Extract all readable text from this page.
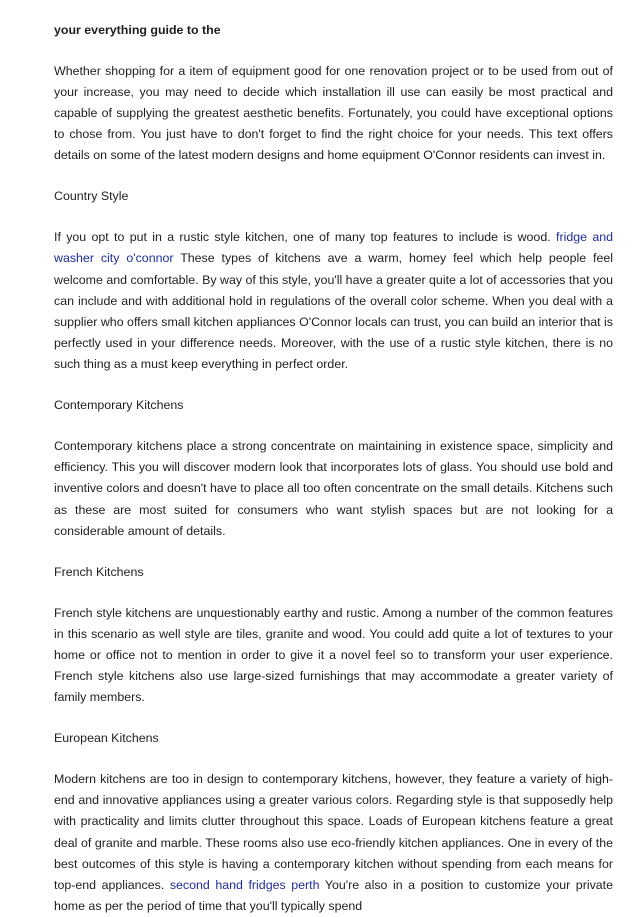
your everything guide to the

Whether shopping for a item of equipment good for one renovation project or to be used from out of your increase, you may need to decide which installation ill use can easily be most practical and capable of supplying the greatest aesthetic benefits. Fortunately, you could have exceptional options to chose from. You just have to don't forget to find the right choice for your needs. This text offers details on some of the latest modern designs and home equipment O'Connor residents can invest in.

Country Style

If you opt to put in a rustic style kitchen, one of many top features to include is wood. fridge and washer city o'connor These types of kitchens ave a warm, homey feel which help people feel welcome and comfortable. By way of this style, you'll have a greater quite a lot of accessories that you can include and with additional hold in regulations of the overall color scheme. When you deal with a supplier who offers small kitchen appliances O'Connor locals can trust, you can build an interior that is perfectly used in your difference needs. Moreover, with the use of a rustic style kitchen, there is no such thing as a must keep everything in perfect order.

Contemporary Kitchens

Contemporary kitchens place a strong concentrate on maintaining in existence space, simplicity and efficiency. This you will discover modern look that incorporates lots of glass. You should use bold and inventive colors and doesn't have to place all too often concentrate on the small details. Kitchens such as these are most suited for consumers who want stylish spaces but are not looking for a considerable amount of details.

French Kitchens

French style kitchens are unquestionably earthy and rustic. Among a number of the common features in this scenario as well style are tiles, granite and wood. You could add quite a lot of textures to your home or office not to mention in order to give it a novel feel so to transform your user experience. French style kitchens also use large-sized furnishings that may accommodate a greater variety of family members.

European Kitchens

Modern kitchens are too in design to contemporary kitchens, however, they feature a variety of high-end and innovative appliances using a greater various colors. Regarding style is that supposedly help with practicality and limits clutter throughout this space. Loads of European kitchens feature a great deal of granite and marble. These rooms also use eco-friendly kitchen appliances. One in every of the best outcomes of this style is having a contemporary kitchen without spending from each means for top-end appliances. second hand fridges perth You're also in a position to customize your private home as per the period of time that you'll typically spend
